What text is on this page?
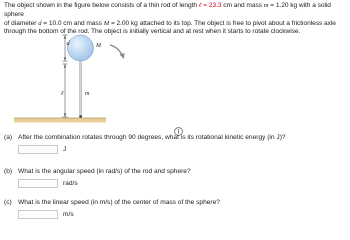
The object shown in the figure below consists of a thin rod of length ℓ = 23.3 cm and mass m = 1.20 kg with a solid sphere
of diameter d = 10.0 cm and mass M = 2.00 kg attached to its top. The object is free to pivot about a frictionless axle
through the bottom of the rod. The object is initially vertical and at rest when it starts to rotate clockwise.
d	M
ℓ	m
(a) After the combination rotates through 90 degrees, what is its rotational kinetic energy (in J)?
J
(b) What is the angular speed (in rad/s) of the rod and sphere?
rad/s
(c) What is the linear speed (in m/s) of the center of mass of the sphere?
m/s
